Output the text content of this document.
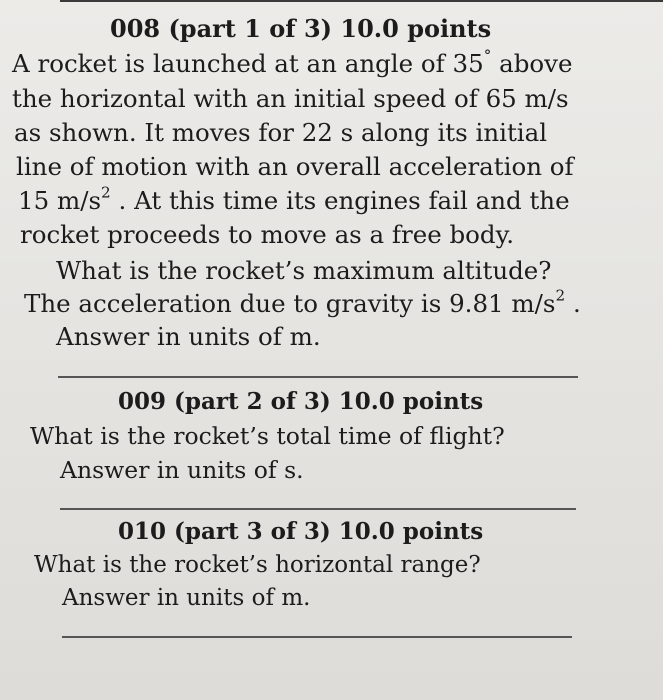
008 (part 1 of 3) 10.0 points
A rocket is launched at an angle of 35° above
the horizontal with an initial speed of 65 m/s
as shown. It moves for 22 s along its initial
line of motion with an overall acceleration of
15 $m/s^2$ . At this time its engines fail and the
rocket proceeds to move as a free body.
What is the rocket’s maximum altitude?
The acceleration due to gravity is 9.81 $m/s^2$ .
Answer in units of m.
009 (part 2 of 3) 10.0 points
What is the rocket’s total time of flight?
Answer in units of s.
010 (part 3 of 3) 10.0 points
What is the rocket’s horizontal range?
Answer in units of m.
